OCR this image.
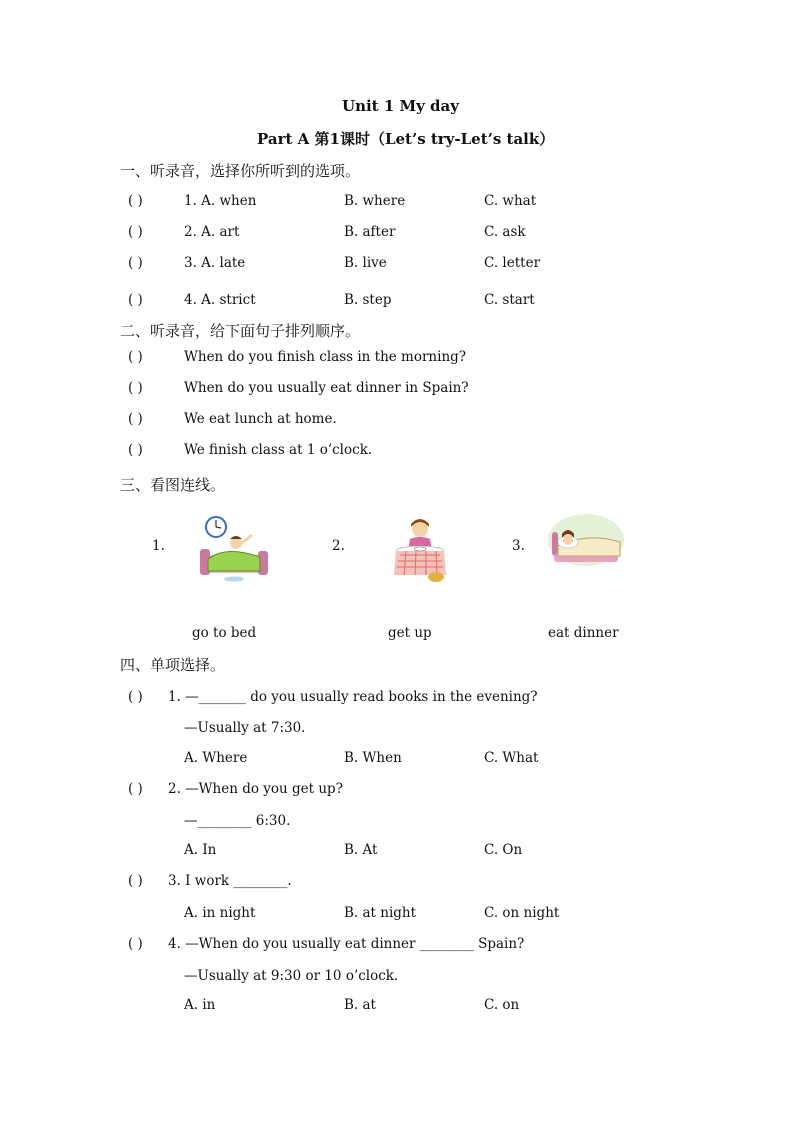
Unit 1 My day
Part A 第1课时（Let’s try-Let’s talk）
一、听录音，选择你所听到的选项。
( )	1. A. when	B. where	C. what
( )	2. A. art	B. after	C. ask
( )	3. A. late	B. live	C. letter
( )	4. A. strict	B. step	C. start
二、听录音，给下面句子排列顺序。
( )	When do you finish class in the morning?
( )	When do you usually eat dinner in Spain?
( )	We eat lunch at home.
( )	We finish class at 1 o’clock.
三、看图连线。
1.	2.	3.
go to bed	get up	eat dinner
四、单项选择。
( ) 1. —_______ do you usually read books in the evening?
—Usually at 7:30.
A. Where	B. When	C. What
( ) 2. —When do you get up?
—________ 6:30.
A. In	B. At	C. On
( ) 3. I work ________.
A. in night	B. at night	C. on night
( ) 4. —When do you usually eat dinner ________ Spain?
—Usually at 9:30 or 10 o’clock.
A. in	B. at	C. on
